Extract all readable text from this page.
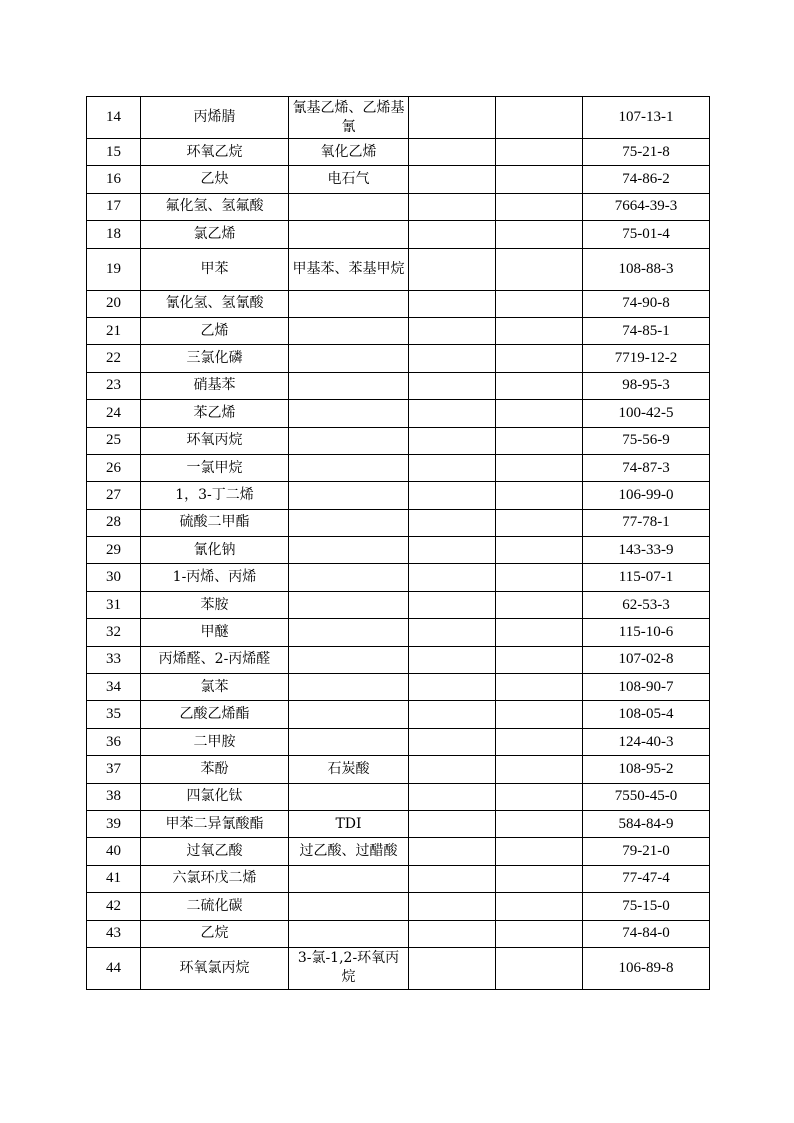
14	丙烯腈	氰基乙烯、乙烯基氰			107-13-1
15	环氧乙烷	氧化乙烯			75-21-8
16	乙炔	电石气			74-86-2
17	氟化氢、氢氟酸				7664-39-3
18	氯乙烯				75-01-4
19	甲苯	甲基苯、苯基甲烷			108-88-3
20	氰化氢、氢氰酸				74-90-8
21	乙烯				74-85-1
22	三氯化磷				7719-12-2
23	硝基苯				98-95-3
24	苯乙烯				100-42-5
25	环氧丙烷				75-56-9
26	一氯甲烷				74-87-3
27	1，3-丁二烯				106-99-0
28	硫酸二甲酯				77-78-1
29	氰化钠				143-33-9
30	1-丙烯、丙烯				115-07-1
31	苯胺				62-53-3
32	甲醚				115-10-6
33	丙烯醛、2-丙烯醛				107-02-8
34	氯苯				108-90-7
35	乙酸乙烯酯				108-05-4
36	二甲胺				124-40-3
37	苯酚	石炭酸			108-95-2
38	四氯化钛				7550-45-0
39	甲苯二异氰酸酯	TDI			584-84-9
40	过氧乙酸	过乙酸、过醋酸			79-21-0
41	六氯环戊二烯				77-47-4
42	二硫化碳				75-15-0
43	乙烷				74-84-0
44	环氧氯丙烷	3-氯-1,2-环氧丙烷			106-89-8
